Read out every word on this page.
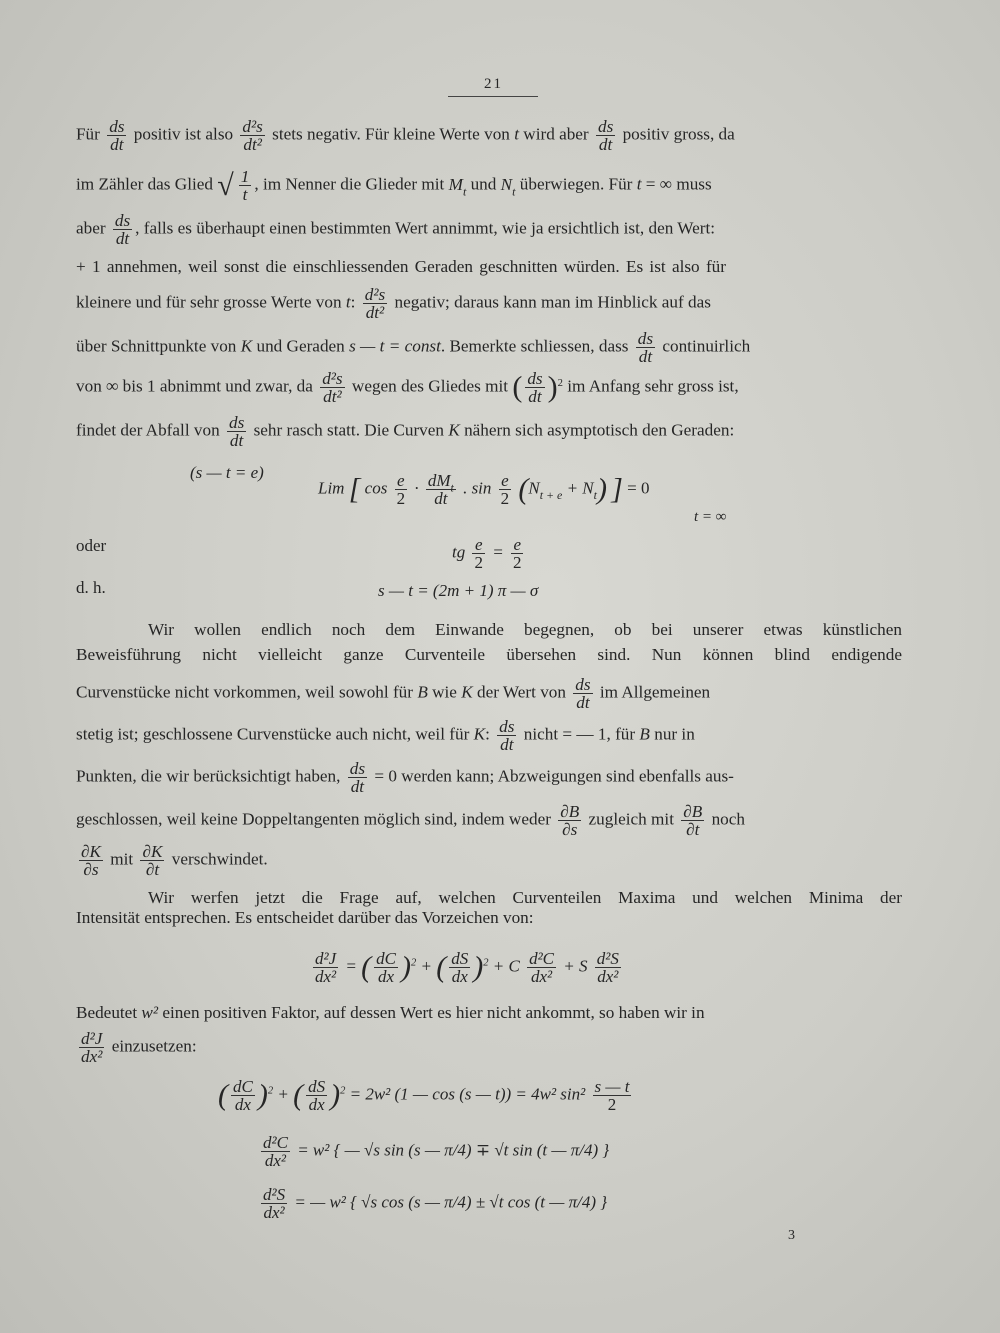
21
Für $\frac{ds}{dt}$ positiv ist also $\frac{\text{d²s}}{\text{dt²}}$ stets negativ. Für kleine Werte von t wird aber $\frac{ds}{dt}$ positiv gross, da
im Zähler das Glied √ $\frac{1}{t}$ , im Nenner die Glieder mit $M_t$ und $N_t$ überwiegen. Für t = ∞ muss
aber $\frac{ds}{dt}$ , falls es überhaupt einen bestimmten Wert annimmt, wie ja ersichtlich ist, den Wert:
+ 1 annehmen, weil sonst die einschliessenden Geraden geschnitten würden. Es ist also für
kleinere und für sehr grosse Werte von t: $\frac{\text{d²s}}{\text{dt²}}$ negativ; daraus kann man im Hinblick auf das
über Schnittpunkte von K und Geraden s — t = const. Bemerkte schliessen, dass $\frac{ds}{dt}$ continuirlich
von ∞ bis 1 abnimmt und zwar, da $\frac{\text{d²s}}{\text{dt²}}$ wegen des Gliedes mit ( $\frac{ds}{dt} )^2$ im Anfang sehr gross ist,
findet der Abfall von $\frac{ds}{dt}$ sehr rasch statt. Die Curven K nähern sich asymptotisch den Geraden:
(s — t = e)
Lim [ $\cos \frac{e}{2} \cdot dM_t$
dt
. $\sin \frac{e}{2} (N_{t + e} + N_t)$ ] = 0
t = ∞
oder	tg $\frac{e}{2} = \frac{e}{2}$
d. h.	s — t = (2m + 1) π — σ
Wir wollen endlich noch dem Einwande begegnen, ob bei unserer etwas künstlichen
Beweisführung nicht vielleicht ganze Curventeile übersehen sind. Nun können blind endigende
Curvenstücke nicht vorkommen, weil sowohl für B wie K der Wert von $\frac{ds}{dt}$ im Allgemeinen
stetig ist; geschlossene Curvenstücke auch nicht, weil für K: $\frac{ds}{dt}$ nicht = — 1, für B nur in
Punkten, die wir berücksichtigt haben, $\frac{ds}{dt} = 0$ werden kann; Abzweigungen sind ebenfalls aus-
geschlossen, weil keine Doppeltangenten möglich sind, indem weder $\frac{\partial B}{\partial s}$ zugleich mit $\frac{\partial B}{\partial t}$ noch
$\frac{\partial K}{\partial s}$ mit $\frac{\partial K}{\partial t}$ verschwindet.
Wir werfen jetzt die Frage auf, welchen Curventeilen Maxima und welchen Minima der
Intensität entsprechen. Es entscheidet darüber das Vorzeichen von:
$\frac{\text{d²J}}{\text{dx²}}$ = ( $\frac{dC}{dx} )^2$ + ( $\frac{dS}{dx} )^2 + C \frac{\text{d²C}}{\text{dx²}} + S \frac{\text{d²S}}{\text{dx²}}$
Bedeutet w² einen positiven Faktor, auf dessen Wert es hier nicht ankommt, so haben wir in
$\frac{\text{d²J}}{\text{dx²}}$ einzusetzen:
( $\frac{dC}{dx} )^2$ + ( $\frac{dS}{dx} )^2 = 2w^2$ (1 — cos (s — t)) = 4w² $\sin^2 \frac{s — t}{2}$
$\frac{\text{d²C}}{\text{dx²}} = w^2$ { — √s sin (s — π/4) ∓ √t sin (t — π/4) }
$\frac{\text{d²S}}{\text{dx²}}$ = — w² { √s cos (s — π/4) ± √t cos (t — π/4) }
3
